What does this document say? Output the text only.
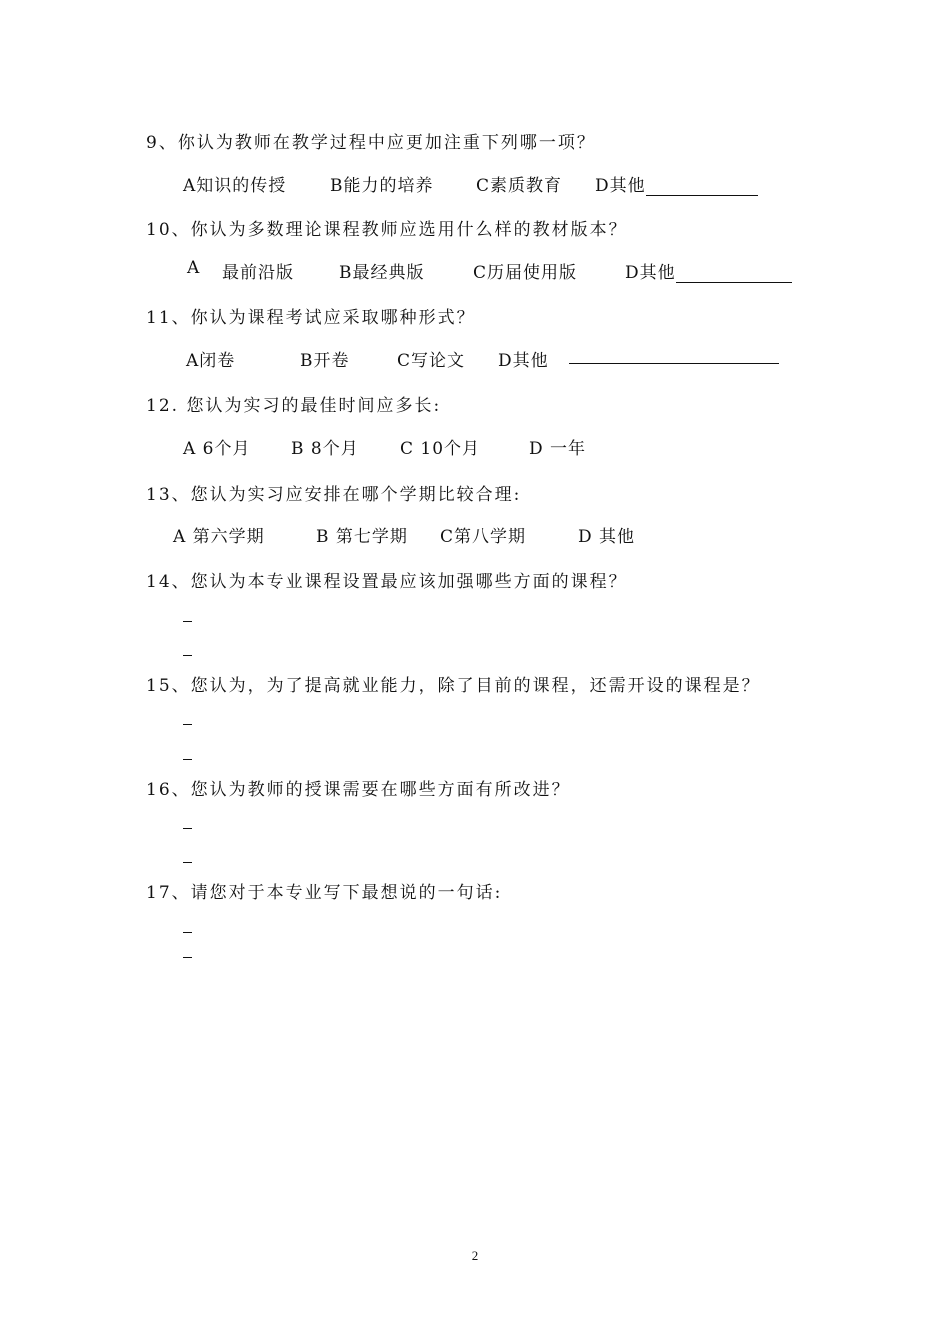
9、你认为教师在教学过程中应更加注重下列哪一项？
A知识的传授	B能力的培养	C素质教育 D其他
10、你认为多数理论课程教师应选用什么样的教材版本？
A 最前沿版	B最经典版	C历届使用版	D其他
11、你认为课程考试应采取哪种形式？
A闭卷	B开卷	C写论文 D其他
12. 您认为实习的最佳时间应多长:
A 6个月 B 8个月 C 10个月	D 一年
13、您认为实习应安排在哪个学期比较合理:
A 第六学期	B 第七学期 C第八学期	D 其他
14、您认为本专业课程设置最应该加强哪些方面的课程？
15、您认为，为了提高就业能力，除了目前的课程，还需开设的课程是？
16、您认为教师的授课需要在哪些方面有所改进？
17、请您对于本专业写下最想说的一句话:
2
